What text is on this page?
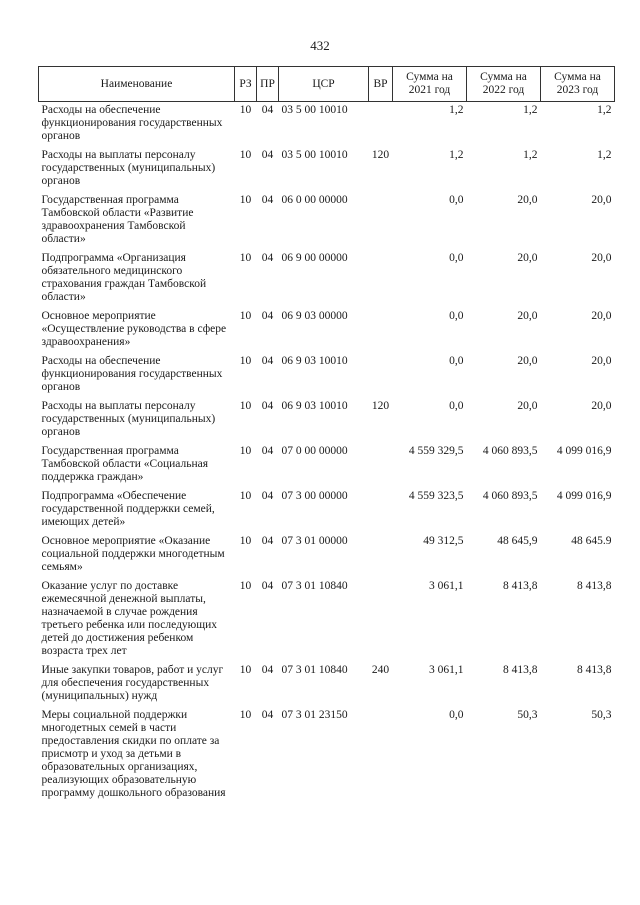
432
Наименование	РЗ	ПР	ЦСР	ВР	Сумма на 2021 год	Сумма на 2022 год	Сумма на 2023 год
Расходы на обеспечение функционирования государственных органов	10	04	03 5 00 10010		1,2	1,2	1,2
Расходы на выплаты персоналу государственных (муниципальных) органов	10	04	03 5 00 10010	120	1,2	1,2	1,2
Государственная программа Тамбовской области «Развитие здравоохранения Тамбовской области»	10	04	06 0 00 00000		0,0	20,0	20,0
Подпрограмма «Организация обязательного медицинского страхования граждан Тамбовской области»	10	04	06 9 00 00000		0,0	20,0	20,0
Основное мероприятие «Осуществление руководства в сфере здравоохранения»	10	04	06 9 03 00000		0,0	20,0	20,0
Расходы на обеспечение функционирования государственных органов	10	04	06 9 03 10010		0,0	20,0	20,0
Расходы на выплаты персоналу государственных (муниципальных) органов	10	04	06 9 03 10010	120	0,0	20,0	20,0
Государственная программа Тамбовской области «Социальная поддержка граждан»	10	04	07 0 00 00000		4 559 329,5	4 060 893,5	4 099 016,9
Подпрограмма «Обеспечение государственной поддержки семей, имеющих детей»	10	04	07 3 00 00000		4 559 323,5	4 060 893,5	4 099 016,9
Основное мероприятие «Оказание социальной поддержки многодетным семьям»	10	04	07 3 01 00000		49 312,5	48 645,9	48 645.9
Оказание услуг по доставке ежемесячной денежной выплаты, назначаемой в случае рождения третьего ребенка или последующих детей до достижения ребенком возраста трех лет	10	04	07 3 01 10840		3 061,1	8 413,8	8 413,8
Иные закупки товаров, работ и услуг для обеспечения государственных (муниципальных) нужд	10	04	07 3 01 10840	240	3 061,1	8 413,8	8 413,8
Меры социальной поддержки многодетных семей в части предоставления скидки по оплате за присмотр и уход за детьми в образовательных организациях, реализующих образовательную программу дошкольного образования	10	04	07 3 01 23150		0,0	50,3	50,3
